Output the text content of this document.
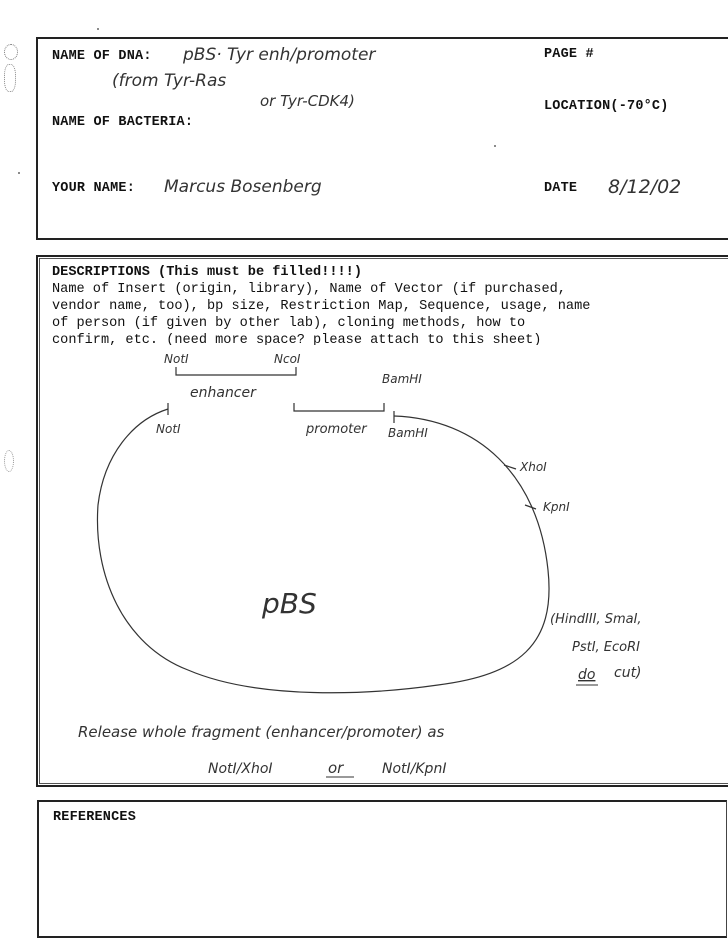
NAME OF DNA: pBS· Tyr enh/promoter
(from Tyr-Ras
or Tyr-CDK4)
PAGE #
LOCATION(-70°C)
NAME OF BACTERIA:
YOUR NAME: Marcus Bosenberg	DATE 8/12/02
DESCRIPTIONS (This must be filled!!!!)
Name of Insert (origin, library), Name of Vector (if purchased,
vendor name, too), bp size, Restriction Map, Sequence, usage, name
of person (if given by other lab), cloning methods, how to
confirm, etc. (need more space? please attach to this sheet)
NotI	NcoI
enhancer
BamHI
promoter
NotI	BamHI
XhoI
KpnI
pBS	(HindIII, SmaI,
PstI, EcoRI
do cut)
Release whole fragment (enhancer/promoter) as
NotI/XhoI	or	NotI/KpnI
REFERENCES
